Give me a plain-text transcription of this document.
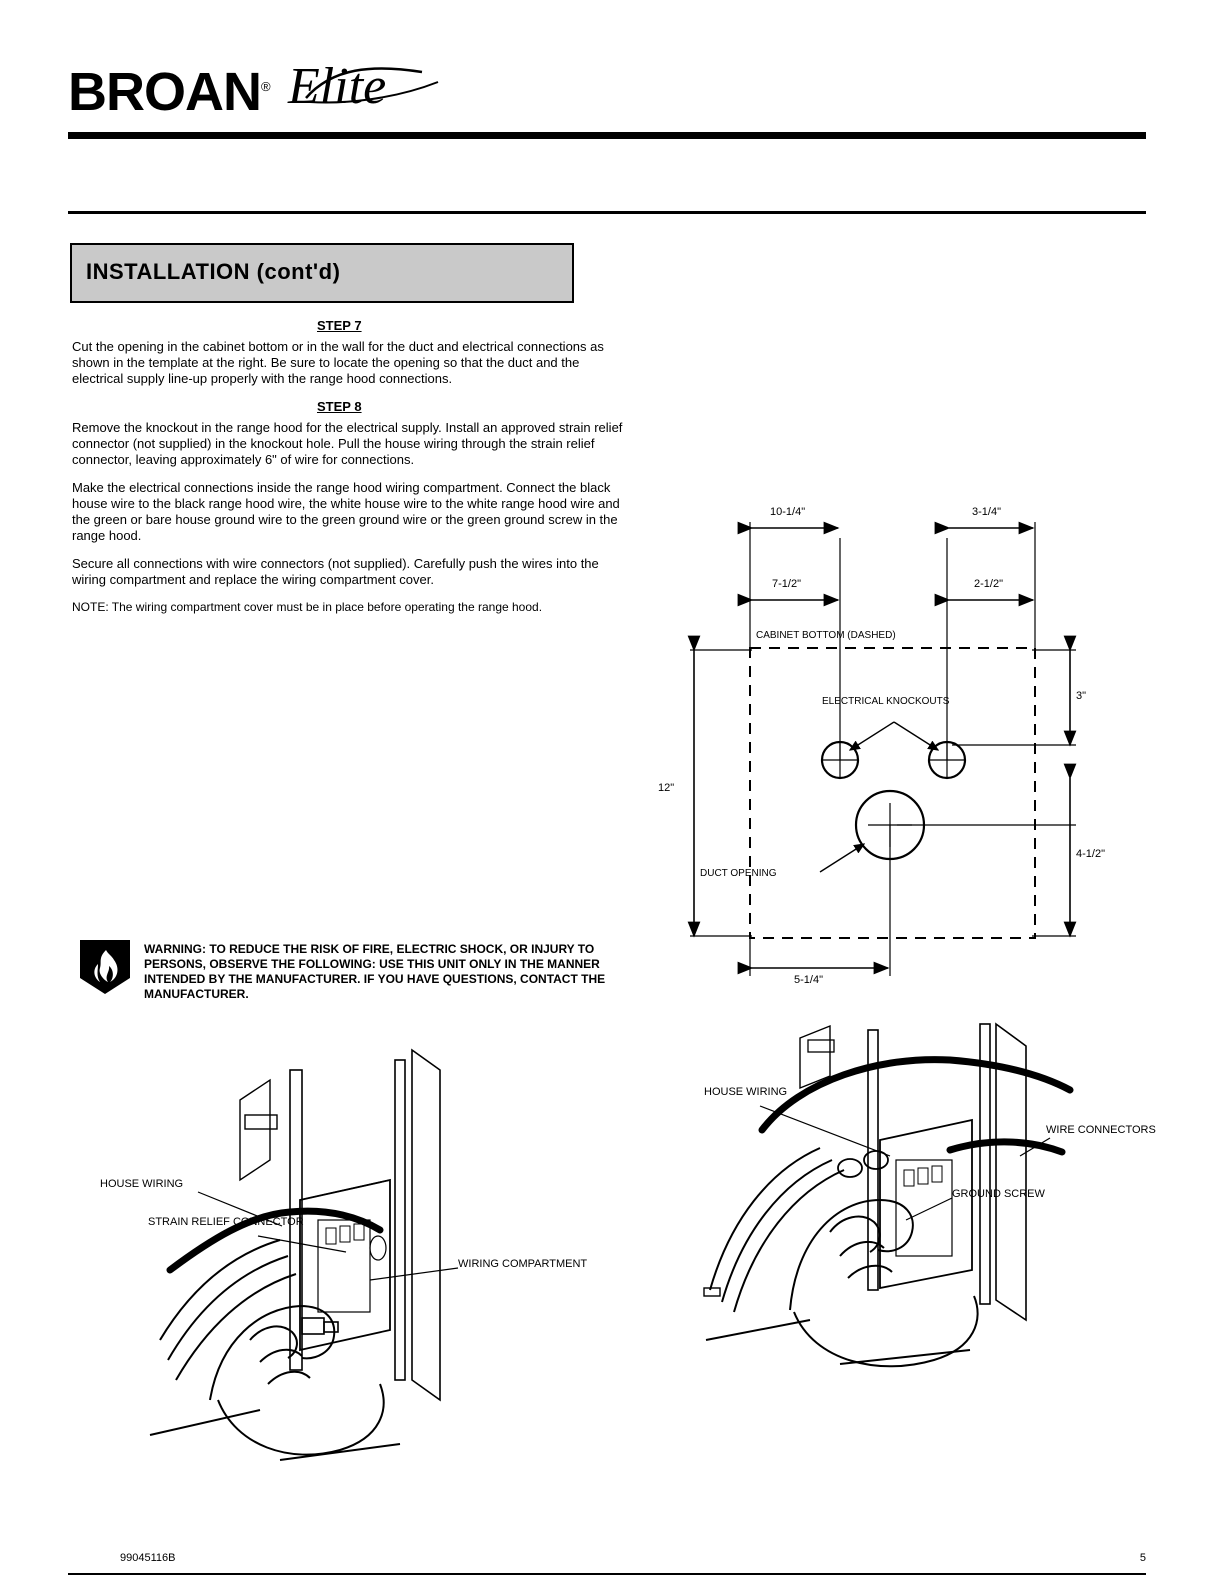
BROAN® Elite
INSTALLATION (cont'd)
STEP 7
Cut the opening in the cabinet bottom or in the wall for the duct and electrical connections as shown in the template at the right. Be sure to locate the opening so that the duct and the electrical supply line-up properly with the range hood connections.
STEP 8
Remove the knockout in the range hood for the electrical supply. Install an approved strain relief connector (not supplied) in the knockout hole. Pull the house wiring through the strain relief connector, leaving approximately 6" of wire for connections.
Make the electrical connections inside the range hood wiring compartment. Connect the black house wire to the black range hood wire, the white house wire to the white range hood wire and the green or bare house ground wire to the green ground wire or the green ground screw in the range hood.
Secure all connections with wire connectors (not supplied). Carefully push the wires into the wiring compartment and replace the wiring compartment cover.
NOTE: The wiring compartment cover must be in place before operating the range hood.
WARNING: TO REDUCE THE RISK OF FIRE, ELECTRIC SHOCK, OR INJURY TO PERSONS, OBSERVE THE FOLLOWING: USE THIS UNIT ONLY IN THE MANNER INTENDED BY THE MANUFACTURER. IF YOU HAVE QUESTIONS, CONTACT THE MANUFACTURER.
10-1/4"	3-1/4"
7-1/2"	2-1/2"
12"
3"
4-1/2"
5-1/4"
ELECTRICAL KNOCKOUTS
DUCT OPENING
CABINET BOTTOM (DASHED)
HOUSE WIRING
STRAIN RELIEF CONNECTOR
WIRING COMPARTMENT
HOUSE WIRING
WIRE CONNECTORS
GROUND SCREW
99045116B	5
